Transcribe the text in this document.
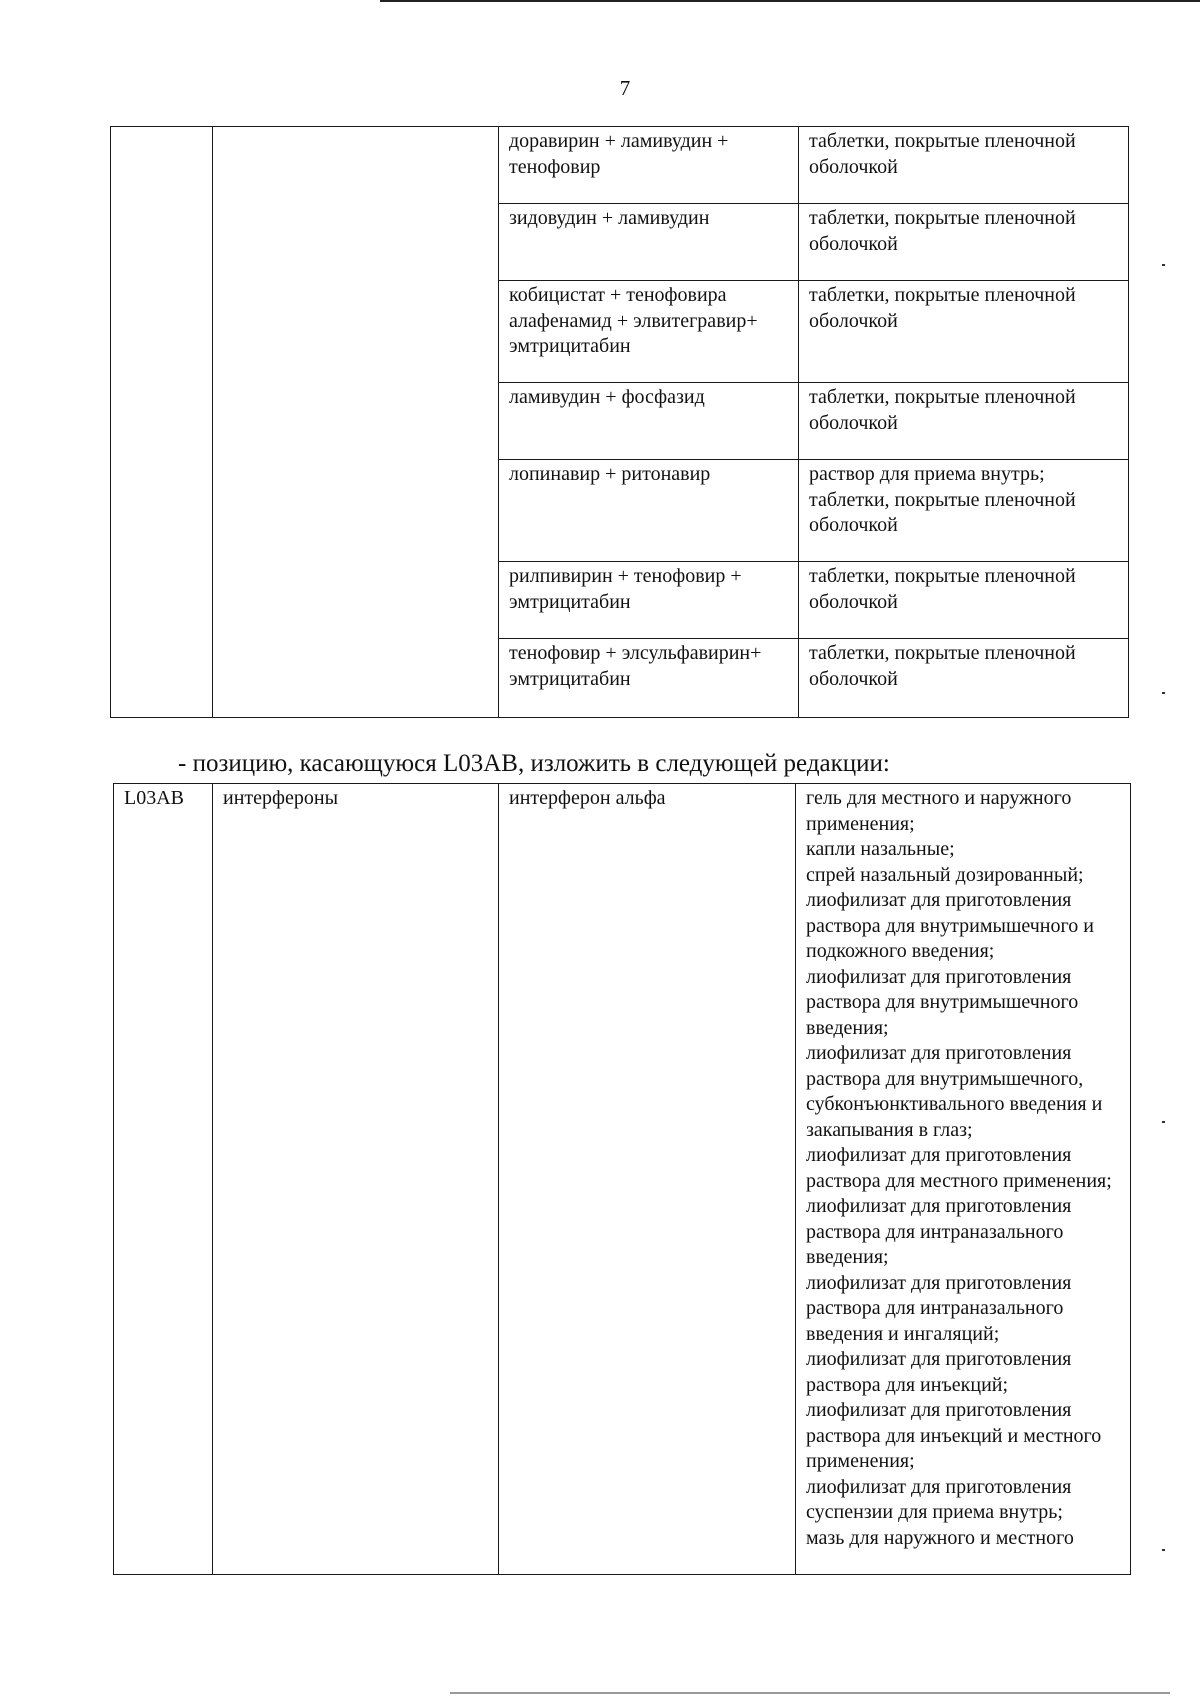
7
		доравирин + ламивудин + тенофовир	таблетки, покрытые пленочной оболочкой

		зидовудин + ламивудин	таблетки, покрытые пленочной оболочкой

		кобицистат + тенофовира алафенамид + элвитегравир+ эмтрицитабин	таблетки, покрытые пленочной оболочкой

		ламивудин + фосфазид	таблетки, покрытые пленочной оболочкой

		лопинавир + ритонавир	раствор для приема внутрь;
таблетки, покрытые пленочной оболочкой

		рилпивирин + тенофовир + эмтрицитабин	таблетки, покрытые пленочной оболочкой

		тенофовир + элсульфавирин+ эмтрицитабин	таблетки, покрытые пленочной оболочкой
- позицию, касающуюся L03AB, изложить в следующей редакции:
L03AB	интерфероны	интерферон альфа	гель для местного и наружного применения;
капли назальные;
спрей назальный дозированный;
лиофилизат для приготовления раствора для внутримышечного и подкожного введения;
лиофилизат для приготовления раствора для внутримышечного введения;
лиофилизат для приготовления раствора для внутримышечного, субконъюнктивального введения и закапывания в глаз;
лиофилизат для приготовления раствора для местного применения;
лиофилизат для приготовления раствора для интраназального введения;
лиофилизат для приготовления раствора для интраназального введения и ингаляций;
лиофилизат для приготовления раствора для инъекций;
лиофилизат для приготовления раствора для инъекций и местного применения;
лиофилизат для приготовления суспензии для приема внутрь;
мазь для наружного и местного
